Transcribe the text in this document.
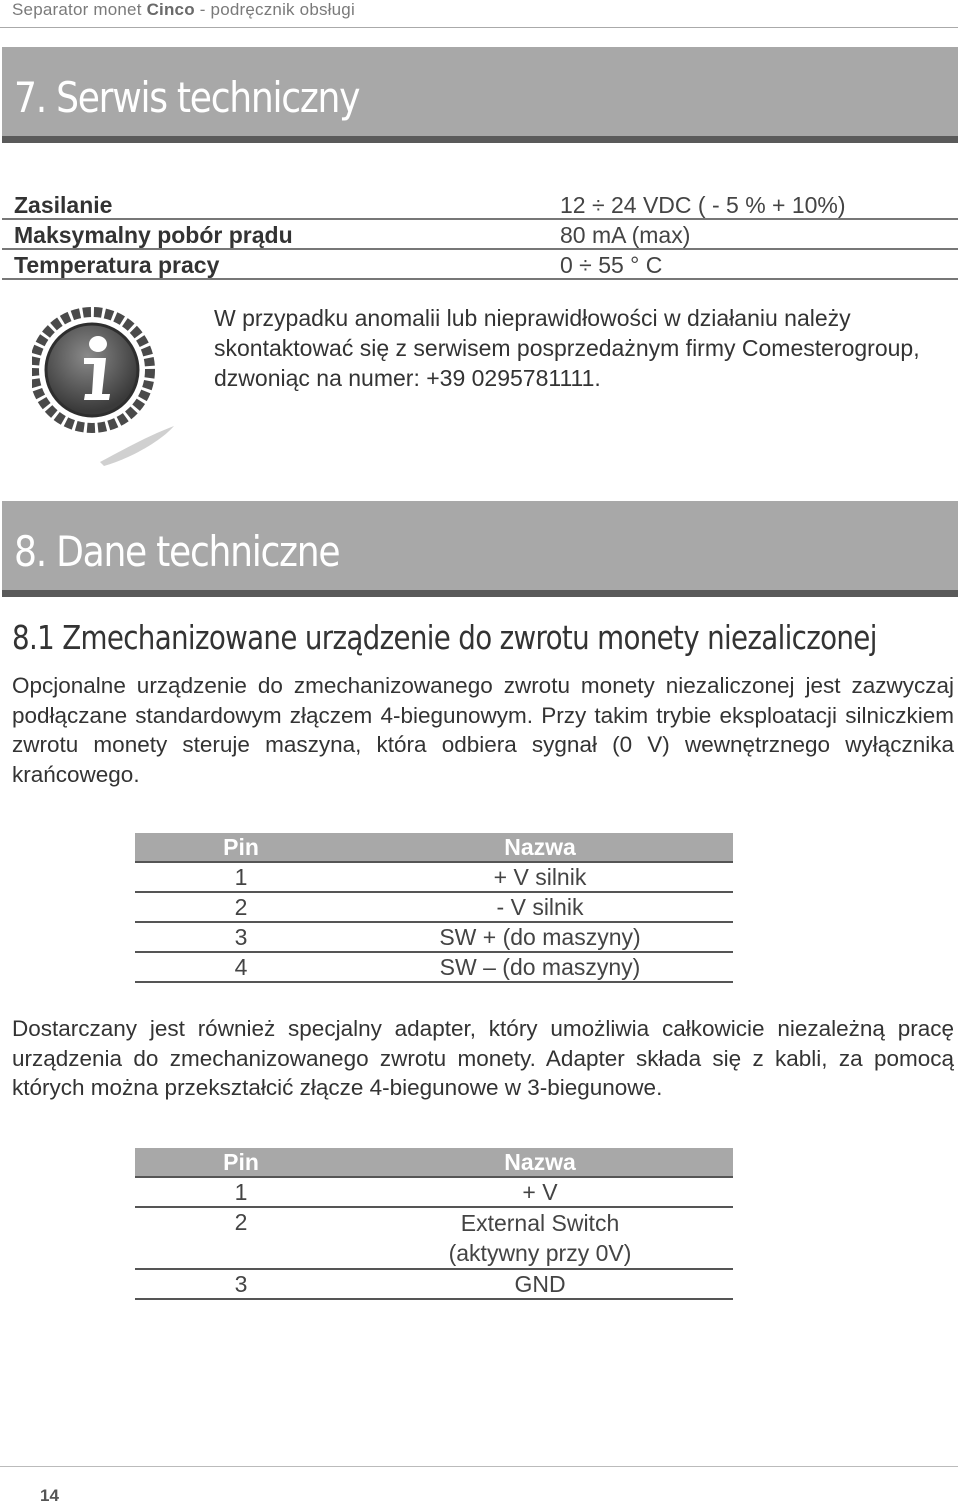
Separator monet Cinco - podręcznik obsługi
7. Serwis techniczny
Zasilanie	12 ÷ 24 VDC ( - 5 % + 10%)
Maksymalny pobór prądu	80 mA (max)
Temperatura pracy	0 ÷ 55 ° C
W przypadku anomalii lub nieprawidłowości w działaniu należy skontaktować się z serwisem posprzedażnym firmy Comesterogroup, dzwoniąc na numer: +39 0295781111.
8. Dane techniczne
8.1 Zmechanizowane urządzenie do zwrotu monety niezaliczonej
Opcjonalne urządzenie do zmechanizowanego zwrotu monety niezaliczonej jest zazwyczaj podłączane standardowym złączem 4-biegunowym. Przy takim trybie eksploatacji silniczkiem zwrotu monety steruje maszyna, która odbiera sygnał (0 V) wewnętrznego wyłącznika krańcowego.
Pin	Nazwa
1	+ V silnik
2	- V silnik
3	SW + (do maszyny)
4	SW – (do maszyny)
Dostarczany jest również specjalny adapter, który umożliwia całkowicie niezależną pracę urządzenia do zmechanizowanego zwrotu monety. Adapter składa się z kabli, za pomocą których można przekształcić złącze 4-biegunowe w 3-biegunowe.
Pin	Nazwa
1	+ V
2	External Switch
(aktywny przy 0V)
3	GND
14
